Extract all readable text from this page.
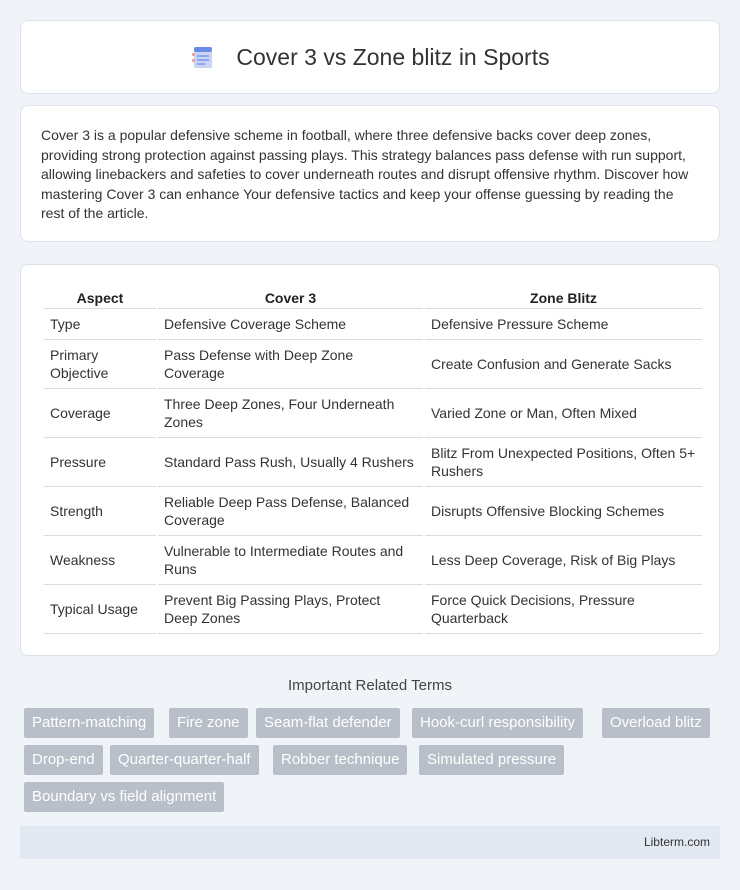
Cover 3 vs Zone blitz in Sports

Cover 3 is a popular defensive scheme in football, where three defensive backs cover deep zones, providing strong protection against passing plays. This strategy balances pass defense with run support, allowing linebackers and safeties to cover underneath routes and disrupt offensive rhythm. Discover how mastering Cover 3 can enhance Your defensive tactics and keep your offense guessing by reading the rest of the article.

Aspect	Cover 3	Zone Blitz
Type	Defensive Coverage Scheme	Defensive Pressure Scheme
Primary Objective	Pass Defense with Deep Zone Coverage	Create Confusion and Generate Sacks
Coverage	Three Deep Zones, Four Underneath Zones	Varied Zone or Man, Often Mixed
Pressure	Standard Pass Rush, Usually 4 Rushers	Blitz From Unexpected Positions, Often 5+ Rushers
Strength	Reliable Deep Pass Defense, Balanced Coverage	Disrupts Offensive Blocking Schemes
Weakness	Vulnerable to Intermediate Routes and Runs	Less Deep Coverage, Risk of Big Plays
Typical Usage	Prevent Big Passing Plays, Protect Deep Zones	Force Quick Decisions, Pressure Quarterback
Important Related Terms
Pattern-matching	Fire zone	Seam-flat defender	Hook-curl responsibility	Overload blitz
Drop-end	Quarter-quarter-half	Robber technique	Simulated pressure
Boundary vs field alignment
Libterm.com
